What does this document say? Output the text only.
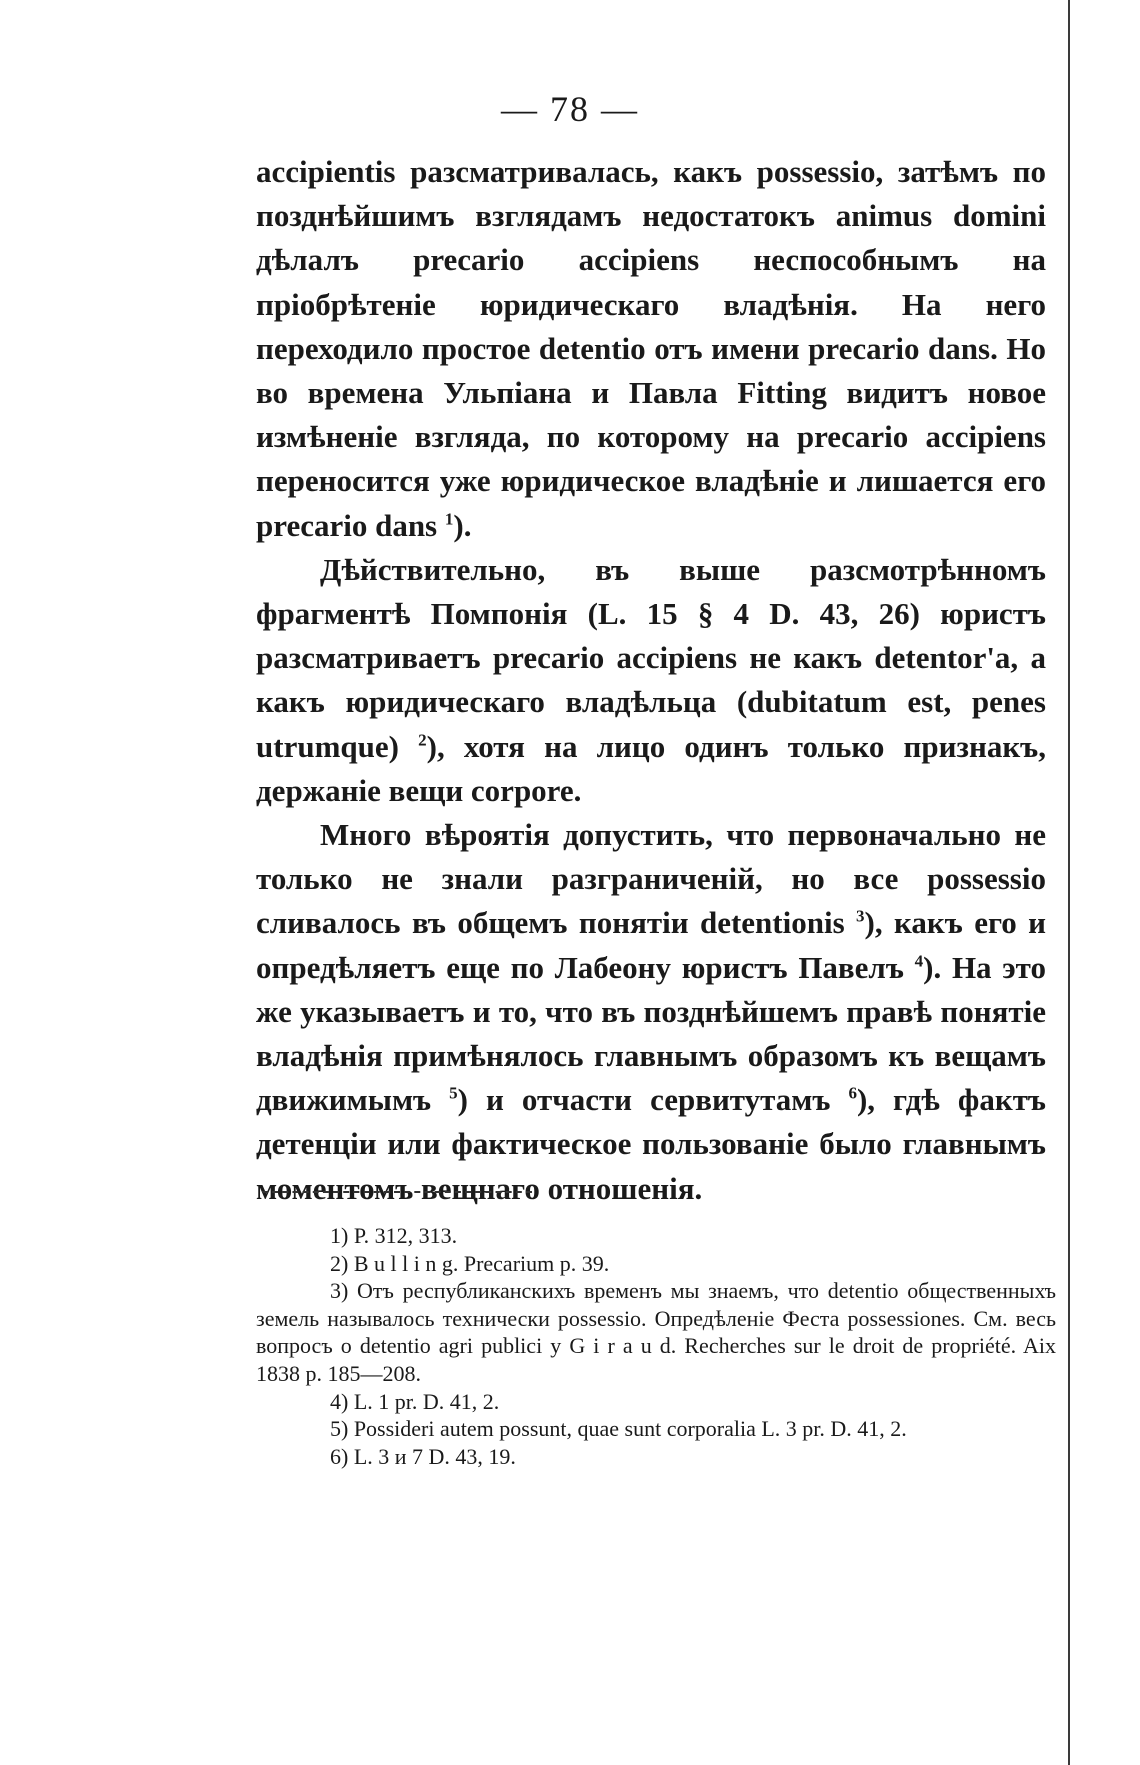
— 78 —

accipientis разсматривалась, какъ possessio, затѣмъ по позднѣйшимъ взглядамъ недостатокъ animus domini дѣлалъ precario accipiens неспособнымъ на пріобрѣтеніе юридическаго владѣнія. На него переходило простое detentio отъ имени precario dans. Но во времена Ульпіана и Павла Fitting видитъ новое измѣненіе взгляда, по которому на precario accipiens переносится уже юридическое владѣніе и лишается его precario dans $^1$).

Дѣйствительно, въ выше разсмотрѣнномъ фрагментѣ Помпонія (L. 15 § 4 D. 43, 26) юристъ разсматриваетъ precario accipiens не какъ detentor'а, а какъ юридическаго владѣльца (dubitatum est, penes utrumque) $^2$), хотя на лицо одинъ только признакъ, держаніе вещи corpore.

Много вѣроятія допустить, что первоначально не только не знали разграниченій, но все possessio сливалось въ общемъ понятіи detentionis $^3$), какъ его и опредѣляетъ еще по Лабеону юристъ Павелъ $^4$). На это же указываетъ и то, что въ позднѣйшемъ правѣ понятіе владѣнія примѣнялось главнымъ образомъ къ вещамъ движимымъ $^5$) и отчасти сервитутамъ $^6$), гдѣ фактъ детенціи или фактическое пользованіе было главнымъ моментомъ вещнаго отношенія.

1) P. 312, 313.

2) B u l l i n g. Precarium p. 39.

3) Отъ республиканскихъ временъ мы знаемъ, что detentio общественныхъ земель называлось технически possessio. Опредѣленіе Феста possessiones. См. весь вопросъ о detentio agri publici у G i r a u d. Recherches sur le droit de propriété. Aix 1838 p. 185—208.

4) L. 1 pr. D. 41, 2.

5) Possideri autem possunt, quae sunt corporalia L. 3 pr. D. 41, 2.

6) L. 3 и 7 D. 43, 19.
